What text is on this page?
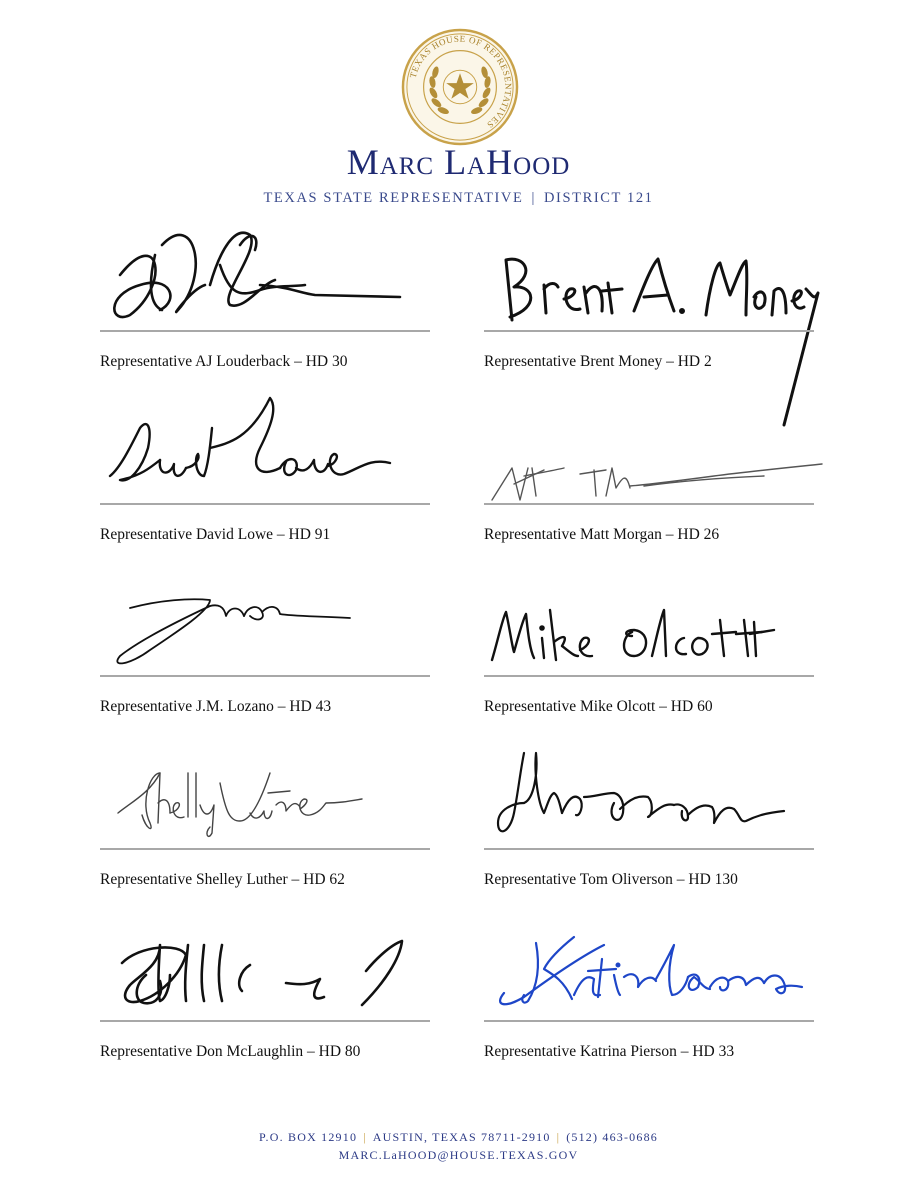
TEXAS HOUSE OF REPRESENTATIVES
Marc LaHood
TEXAS STATE REPRESENTATIVE | DISTRICT 121
Representative AJ Louderback – HD 30	Representative Brent Money – HD 2
Representative David Lowe – HD 91	Representative Matt Morgan – HD 26
Representative J.M. Lozano – HD 43	Representative Mike Olcott – HD 60
Representative Shelley Luther – HD 62	Representative Tom Oliverson – HD 130
Representative Don McLaughlin – HD 80	Representative Katrina Pierson – HD 33
P.O. BOX 12910 | AUSTIN, TEXAS 78711-2910 | (512) 463-0686
MARC.LaHOOD@HOUSE.TEXAS.GOV
